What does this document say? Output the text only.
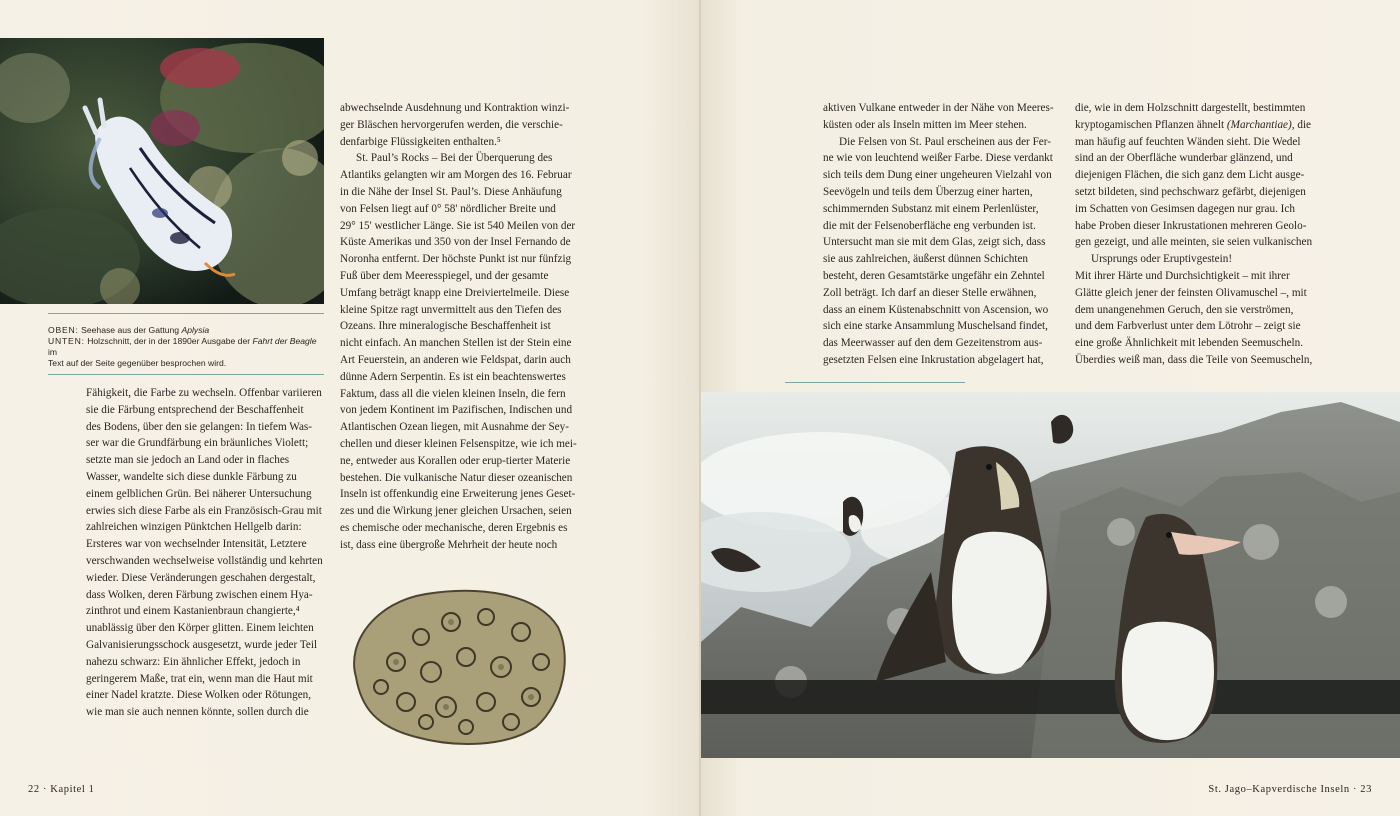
OBEN: Seehase aus der Gattung Aplysia
UNTEN: Holzschnitt, der in der 1890er Ausgabe der Fahrt der Beagle im
Text auf der Seite gegenüber besprochen wird.

Fähigkeit, die Farbe zu wechseln. Offenbar variieren

sie die Färbung entsprechend der Beschaffenheit

des Bodens, über den sie gelangen: In tiefem Was-

ser war die Grundfärbung ein bräunliches Violett;

setzte man sie jedoch an Land oder in flaches

Wasser, wandelte sich diese dunkle Färbung zu

einem gelblichen Grün. Bei näherer Untersuchung

erwies sich diese Farbe als ein Französisch-Grau mit

zahlreichen winzigen Pünktchen Hellgelb darin:

Ersteres war von wechselnder Intensität, Letztere

verschwanden wechselweise vollständig und kehrten

wieder. Diese Veränderungen geschahen dergestalt,

dass Wolken, deren Färbung zwischen einem Hya-

zinthrot und einem Kastanienbraun changierte,⁴

unablässig über den Körper glitten. Einem leichten

Galvanisierungsschock ausgesetzt, wurde jeder Teil

nahezu schwarz: Ein ähnlicher Effekt, jedoch in

geringerem Maße, trat ein, wenn man die Haut mit

einer Nadel kratzte. Diese Wolken oder Rötungen,

wie man sie auch nennen könnte, sollen durch die

abwechselnde Ausdehnung und Kontraktion winzi-

ger Bläschen hervorgerufen werden, die verschie-

denfarbige Flüssigkeiten enthalten.⁵

St. Paul’s Rocks – Bei der Überquerung des

Atlantiks gelangten wir am Morgen des 16. Februar

in die Nähe der Insel St. Paul’s. Diese Anhäufung

von Felsen liegt auf 0° 58' nördlicher Breite und

29° 15' westlicher Länge. Sie ist 540 Meilen von der

Küste Amerikas und 350 von der Insel Fernando de

Noronha entfernt. Der höchste Punkt ist nur fünfzig

Fuß über dem Meeresspiegel, und der gesamte

Umfang beträgt knapp eine Dreiviertelmeile. Diese

kleine Spitze ragt unvermittelt aus den Tiefen des

Ozeans. Ihre mineralogische Beschaffenheit ist

nicht einfach. An manchen Stellen ist der Stein eine

Art Feuerstein, an anderen wie Feldspat, darin auch

dünne Adern Serpentin. Es ist ein beachtenswertes

Faktum, dass all die vielen kleinen Inseln, die fern

von jedem Kontinent im Pazifischen, Indischen und

Atlantischen Ozean liegen, mit Ausnahme der Sey-

chellen und dieser kleinen Felsenspitze, wie ich mei-

ne, entweder aus Korallen oder erup-tierter Materie

bestehen. Die vulkanische Natur dieser ozeanischen

Inseln ist offenkundig eine Erweiterung jenes Geset-

zes und die Wirkung jener gleichen Ursachen, seien

es chemische oder mechanische, deren Ergebnis es

ist, dass eine übergroße Mehrheit der heute noch

22 · Kapitel 1

aktiven Vulkane entweder in der Nähe von Meeres-

küsten oder als Inseln mitten im Meer stehen.

Die Felsen von St. Paul erscheinen aus der Fer-

ne wie von leuchtend weißer Farbe. Diese verdankt

sich teils dem Dung einer ungeheuren Vielzahl von

Seevögeln und teils dem Überzug einer harten,

schimmernden Substanz mit einem Perlenlüster,

die mit der Felsenoberfläche eng verbunden ist.

Untersucht man sie mit dem Glas, zeigt sich, dass

sie aus zahlreichen, äußerst dünnen Schichten

besteht, deren Gesamtstärke ungefähr ein Zehntel

Zoll beträgt. Ich darf an dieser Stelle erwähnen,

dass an einem Küstenabschnitt von Ascension, wo

sich eine starke Ansammlung Muschelsand findet,

das Meerwasser auf den dem Gezeitenstrom aus-

gesetzten Felsen eine Inkrustation abgelagert hat,

die, wie in dem Holzschnitt dargestellt, bestimmten

kryptogamischen Pflanzen ähnelt (Marchantiae), die

man häufig auf feuchten Wänden sieht. Die Wedel

sind an der Oberfläche wunderbar glänzend, und

diejenigen Flächen, die sich ganz dem Licht ausge-

setzt bildeten, sind pechschwarz gefärbt, diejenigen

im Schatten von Gesimsen dagegen nur grau. Ich

habe Proben dieser Inkrustationen mehreren Geolo-

gen gezeigt, und alle meinten, sie seien vulkanischen

Ursprungs oder Eruptivgestein!

Mit ihrer Härte und Durchsichtigkeit – mit ihrer

Glätte gleich jener der feinsten Olivamuschel –, mit

dem unangenehmen Geruch, den sie verströmen,

und dem Farbverlust unter dem Lötrohr – zeigt sie

eine große Ähnlichkeit mit lebenden Seemuscheln.

Überdies weiß man, dass die Teile von Seemuscheln,

St. Jago–Kapverdische Inseln · 23
